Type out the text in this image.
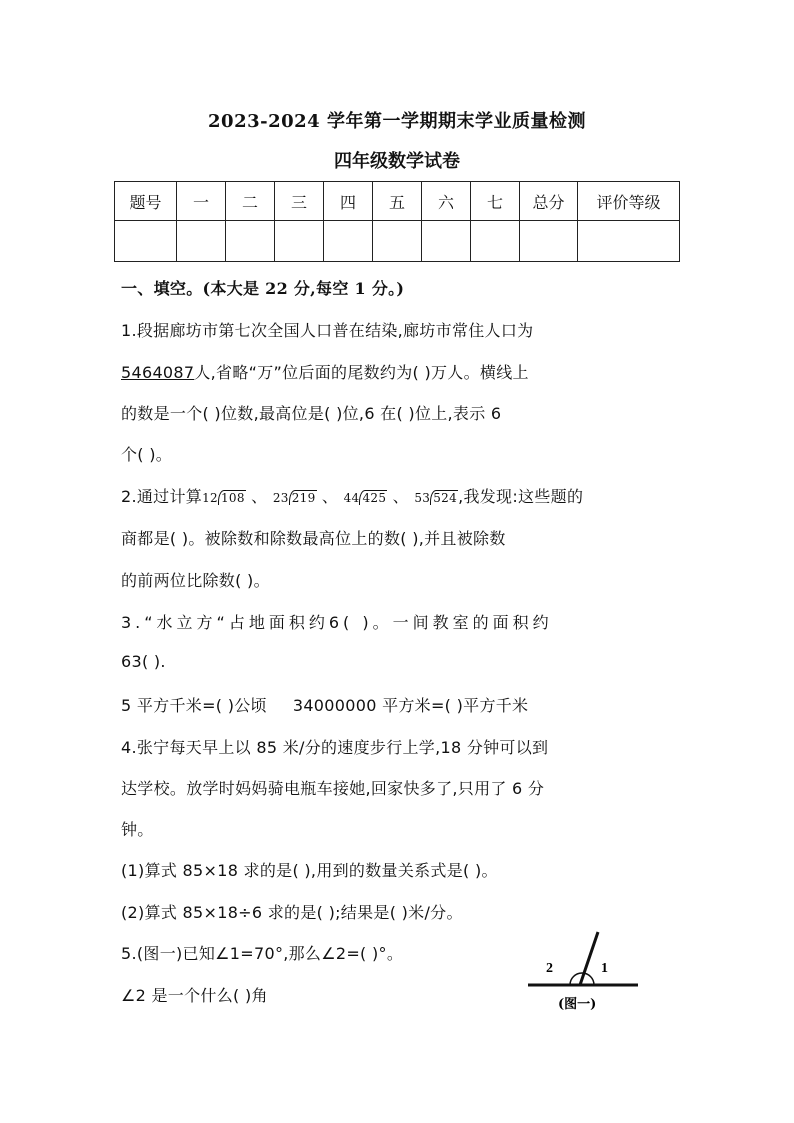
2023-2024 学年第一学期期末学业质量检测
四年级数学试卷
题号	一	二	三	四	五	六	七	总分	评价等级

一、填空。(本大是 22 分,每空 1 分。)
1.段据廊坊市第七次全国人口普在结染,廊坊市常住人口为
5464087人,省略“万”位后面的尾数约为( )万人。横线上
的数是一个( )位数,最高位是( )位,6 在( )位上,表示 6
个( )。
2.通过计算12 108 、 23 219 、 44 425 、 53 524,我发现:这些题的
商都是( )。被除数和除数最高位上的数( ),并且被除数
的前两位比除数( )。
3.“水立方“占地面积约6( )。一间教室的面积约
63( ).
5 平方千米=( )公顷 34000000 平方米=( )平方千米
4.张宁每天早上以 85 米/分的速度步行上学,18 分钟可以到
达学校。放学时妈妈骑电瓶车接她,回家快多了,只用了 6 分
钟。
(1)算式 85×18 求的是( ),用到的数量关系式是( )。
(2)算式 85×18÷6 求的是( );结果是( )米/分。
5.(图一)已知∠1=70°,那么∠2=( )°。
∠2 是一个什么( )角
2	1
(图一)
